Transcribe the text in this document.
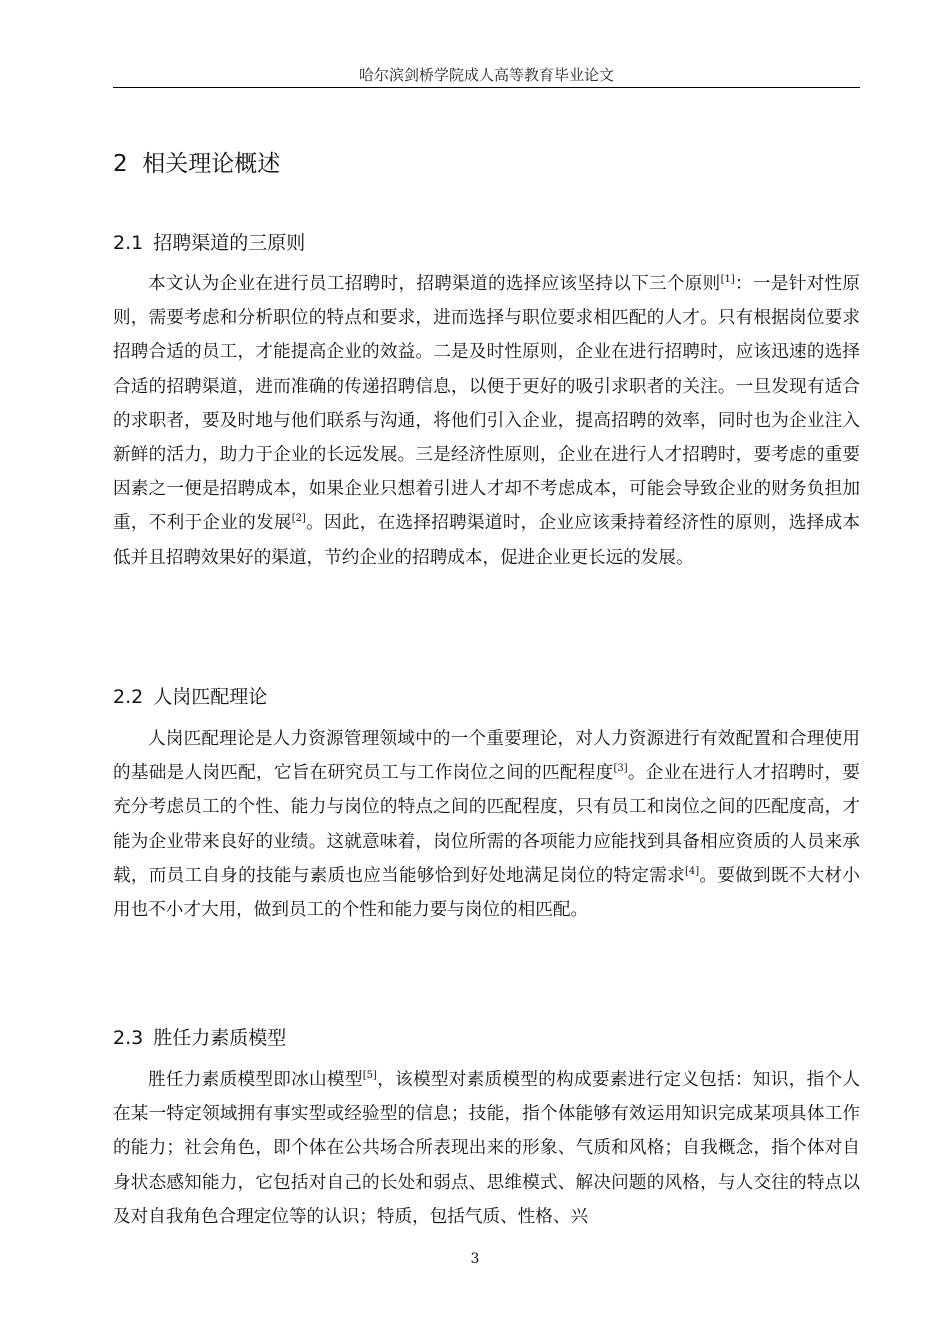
哈尔滨剑桥学院成人高等教育毕业论文
2 相关理论概述
2.1 招聘渠道的三原则

本文认为企业在进行员工招聘时，招聘渠道的选择应该坚持以下三个原则[1]：一是针对性原则，需要考虑和分析职位的特点和要求，进而选择与职位要求相匹配的人才。只有根据岗位要求招聘合适的员工，才能提高企业的效益。二是及时性原则，企业在进行招聘时，应该迅速的选择合适的招聘渠道，进而准确的传递招聘信息，以便于更好的吸引求职者的关注。一旦发现有适合的求职者，要及时地与他们联系与沟通，将他们引入企业，提高招聘的效率，同时也为企业注入新鲜的活力，助力于企业的长远发展。三是经济性原则，企业在进行人才招聘时，要考虑的重要因素之一便是招聘成本，如果企业只想着引进人才却不考虑成本，可能会导致企业的财务负担加重，不利于企业的发展[2]。因此，在选择招聘渠道时，企业应该秉持着经济性的原则，选择成本低并且招聘效果好的渠道，节约企业的招聘成本，促进企业更长远的发展。

2.2 人岗匹配理论

人岗匹配理论是人力资源管理领域中的一个重要理论，对人力资源进行有效配置和合理使用的基础是人岗匹配，它旨在研究员工与工作岗位之间的匹配程度[3]。企业在进行人才招聘时，要充分考虑员工的个性、能力与岗位的特点之间的匹配程度，只有员工和岗位之间的匹配度高，才能为企业带来良好的业绩。这就意味着，岗位所需的各项能力应能找到具备相应资质的人员来承载，而员工自身的技能与素质也应当能够恰到好处地满足岗位的特定需求[4]。要做到既不大材小用也不小才大用，做到员工的个性和能力要与岗位的相匹配。

2.3 胜任力素质模型

胜任力素质模型即冰山模型[5]，该模型对素质模型的构成要素进行定义包括：知识，指个人在某一特定领域拥有事实型或经验型的信息；技能，指个体能够有效运用知识完成某项具体工作的能力；社会角色，即个体在公共场合所表现出来的形象、气质和风格；自我概念，指个体对自身状态感知能力，它包括对自己的长处和弱点、思维模式、解决问题的风格，与人交往的特点以及对自我角色合理定位等的认识；特质，包括气质、性格、兴

3
